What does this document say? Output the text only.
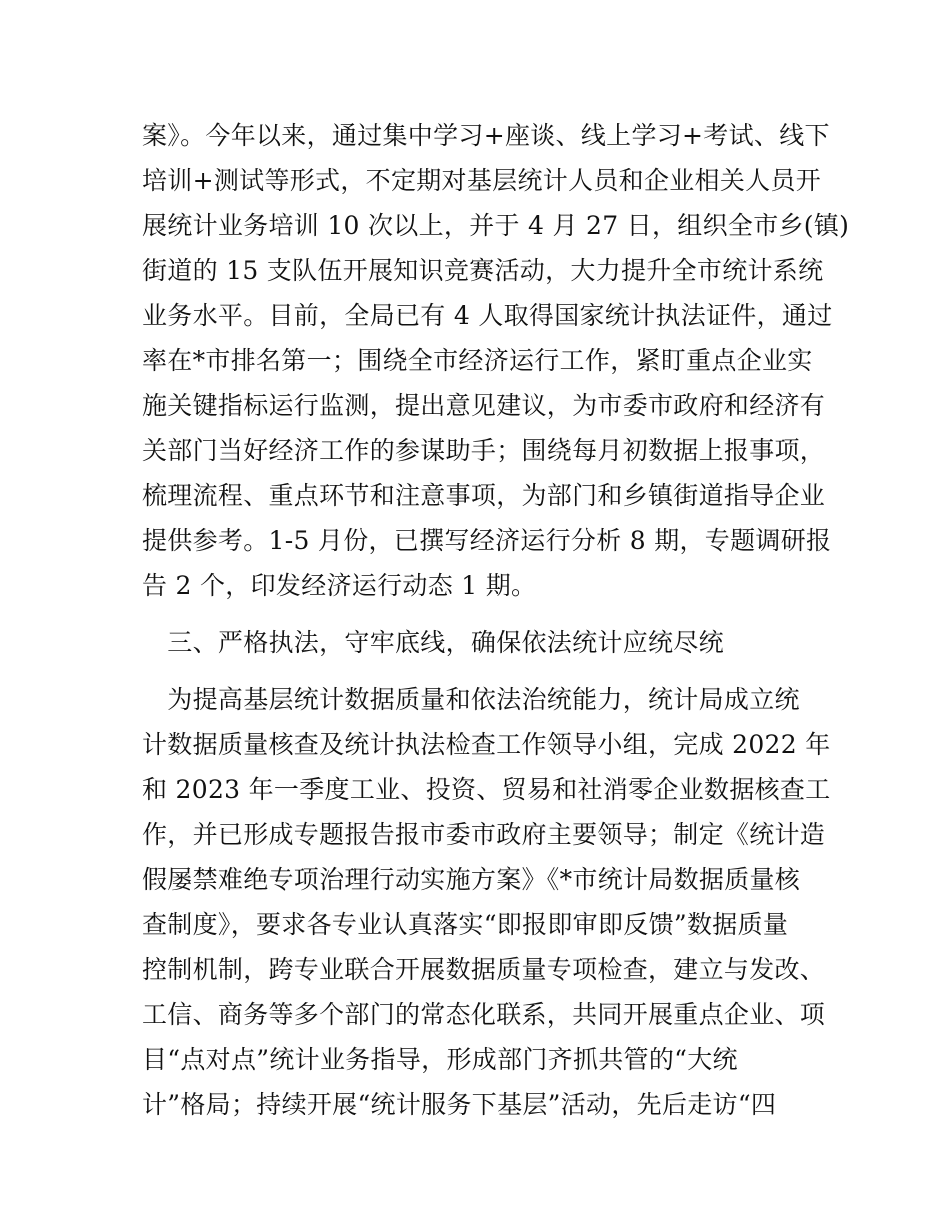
案》。今年以来，通过集中学习+座谈、线上学习+考试、线下
培训+测试等形式，不定期对基层统计人员和企业相关人员开
展统计业务培训 10 次以上，并于 4 月 27 日，组织全市乡(镇)
街道的 15 支队伍开展知识竞赛活动，大力提升全市统计系统
业务水平。目前，全局已有 4 人取得国家统计执法证件，通过
率在*市排名第一；围绕全市经济运行工作，紧盯重点企业实
施关键指标运行监测，提出意见建议，为市委市政府和经济有
关部门当好经济工作的参谋助手；围绕每月初数据上报事项，
梳理流程、重点环节和注意事项，为部门和乡镇街道指导企业
提供参考。1-5 月份，已撰写经济运行分析 8 期，专题调研报
告 2 个，印发经济运行动态 1 期。
　三、严格执法，守牢底线，确保依法统计应统尽统
　为提高基层统计数据质量和依法治统能力，统计局成立统
计数据质量核查及统计执法检查工作领导小组，完成 2022 年
和 2023 年一季度工业、投资、贸易和社消零企业数据核查工
作，并已形成专题报告报市委市政府主要领导；制定《统计造
假屡禁难绝专项治理行动实施方案》《*市统计局数据质量核
查制度》，要求各专业认真落实“即报即审即反馈”数据质量
控制机制，跨专业联合开展数据质量专项检查，建立与发改、
工信、商务等多个部门的常态化联系，共同开展重点企业、项
目“点对点”统计业务指导，形成部门齐抓共管的“大统
计”格局；持续开展“统计服务下基层”活动，先后走访“四
